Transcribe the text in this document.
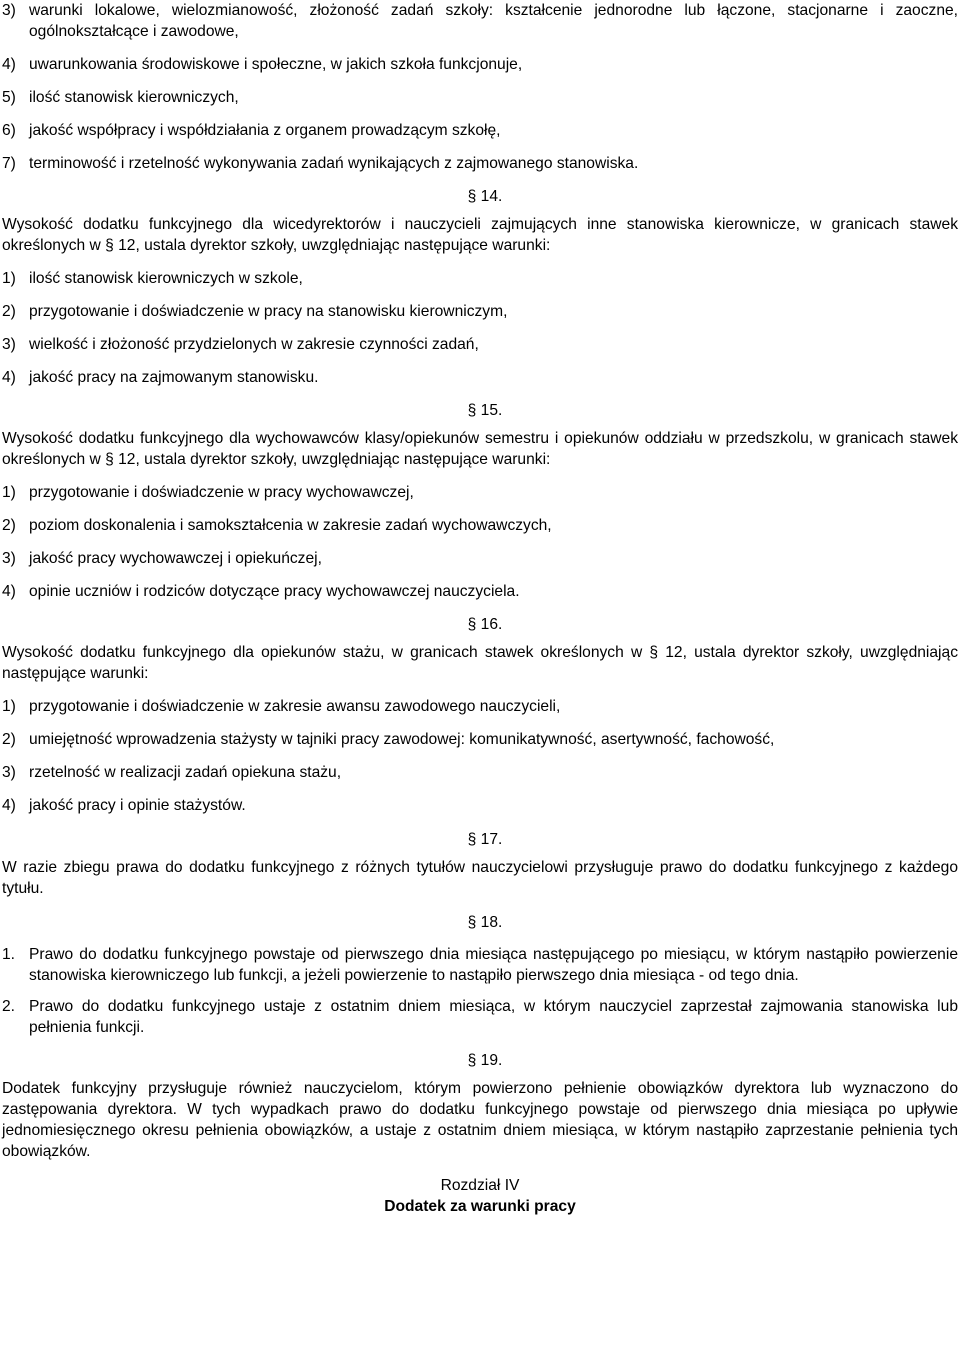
3) warunki lokalowe, wielozmianowość, złożoność zadań szkoły: kształcenie jednorodne lub łączone, stacjonarne i zaoczne, ogólnokształcące i zawodowe,

4) uwarunkowania środowiskowe i społeczne, w jakich szkoła funkcjonuje,

5) ilość stanowisk kierowniczych,

6) jakość współpracy i współdziałania z organem prowadzącym szkołę,

7) terminowość i rzetelność wykonywania zadań wynikających z zajmowanego stanowiska.

§ 14.

Wysokość dodatku funkcyjnego dla wicedyrektorów i nauczycieli zajmujących inne stanowiska kierownicze, w granicach stawek określonych w § 12, ustala dyrektor szkoły, uwzględniając następujące warunki:

1) ilość stanowisk kierowniczych w szkole,

2) przygotowanie i doświadczenie w pracy na stanowisku kierowniczym,

3) wielkość i złożoność przydzielonych w zakresie czynności zadań,

4) jakość pracy na zajmowanym stanowisku.

§ 15.

Wysokość dodatku funkcyjnego dla wychowawców klasy/opiekunów semestru i opiekunów oddziału w przedszkolu, w granicach stawek określonych w § 12, ustala dyrektor szkoły, uwzględniając następujące warunki:

1) przygotowanie i doświadczenie w pracy wychowawczej,

2) poziom doskonalenia i samokształcenia w zakresie zadań wychowawczych,

3) jakość pracy wychowawczej i opiekuńczej,

4) opinie uczniów i rodziców dotyczące pracy wychowawczej nauczyciela.

§ 16.

Wysokość dodatku funkcyjnego dla opiekunów stażu, w granicach stawek określonych w § 12, ustala dyrektor szkoły, uwzględniając następujące warunki:

1) przygotowanie i doświadczenie w zakresie awansu zawodowego nauczycieli,

2) umiejętność wprowadzenia stażysty w tajniki pracy zawodowej: komunikatywność, asertywność, fachowość,

3) rzetelność w realizacji zadań opiekuna stażu,

4) jakość pracy i opinie stażystów.

§ 17.

W razie zbiegu prawa do dodatku funkcyjnego z różnych tytułów nauczycielowi przysługuje prawo do dodatku funkcyjnego z każdego tytułu.

§ 18.

1. Prawo do dodatku funkcyjnego powstaje od pierwszego dnia miesiąca następującego po miesiącu, w którym nastąpiło powierzenie stanowiska kierowniczego lub funkcji, a jeżeli powierzenie to nastąpiło pierwszego dnia miesiąca - od tego dnia.

2. Prawo do dodatku funkcyjnego ustaje z ostatnim dniem miesiąca, w którym nauczyciel zaprzestał zajmowania stanowiska lub pełnienia funkcji.

§ 19.

Dodatek funkcyjny przysługuje również nauczycielom, którym powierzono pełnienie obowiązków dyrektora lub wyznaczono do zastępowania dyrektora. W tych wypadkach prawo do dodatku funkcyjnego powstaje od pierwszego dnia miesiąca po upływie jednomiesięcznego okresu pełnienia obowiązków, a ustaje z ostatnim dniem miesiąca, w którym nastąpiło zaprzestanie pełnienia tych obowiązków.

Rozdział IV

Dodatek za warunki pracy
